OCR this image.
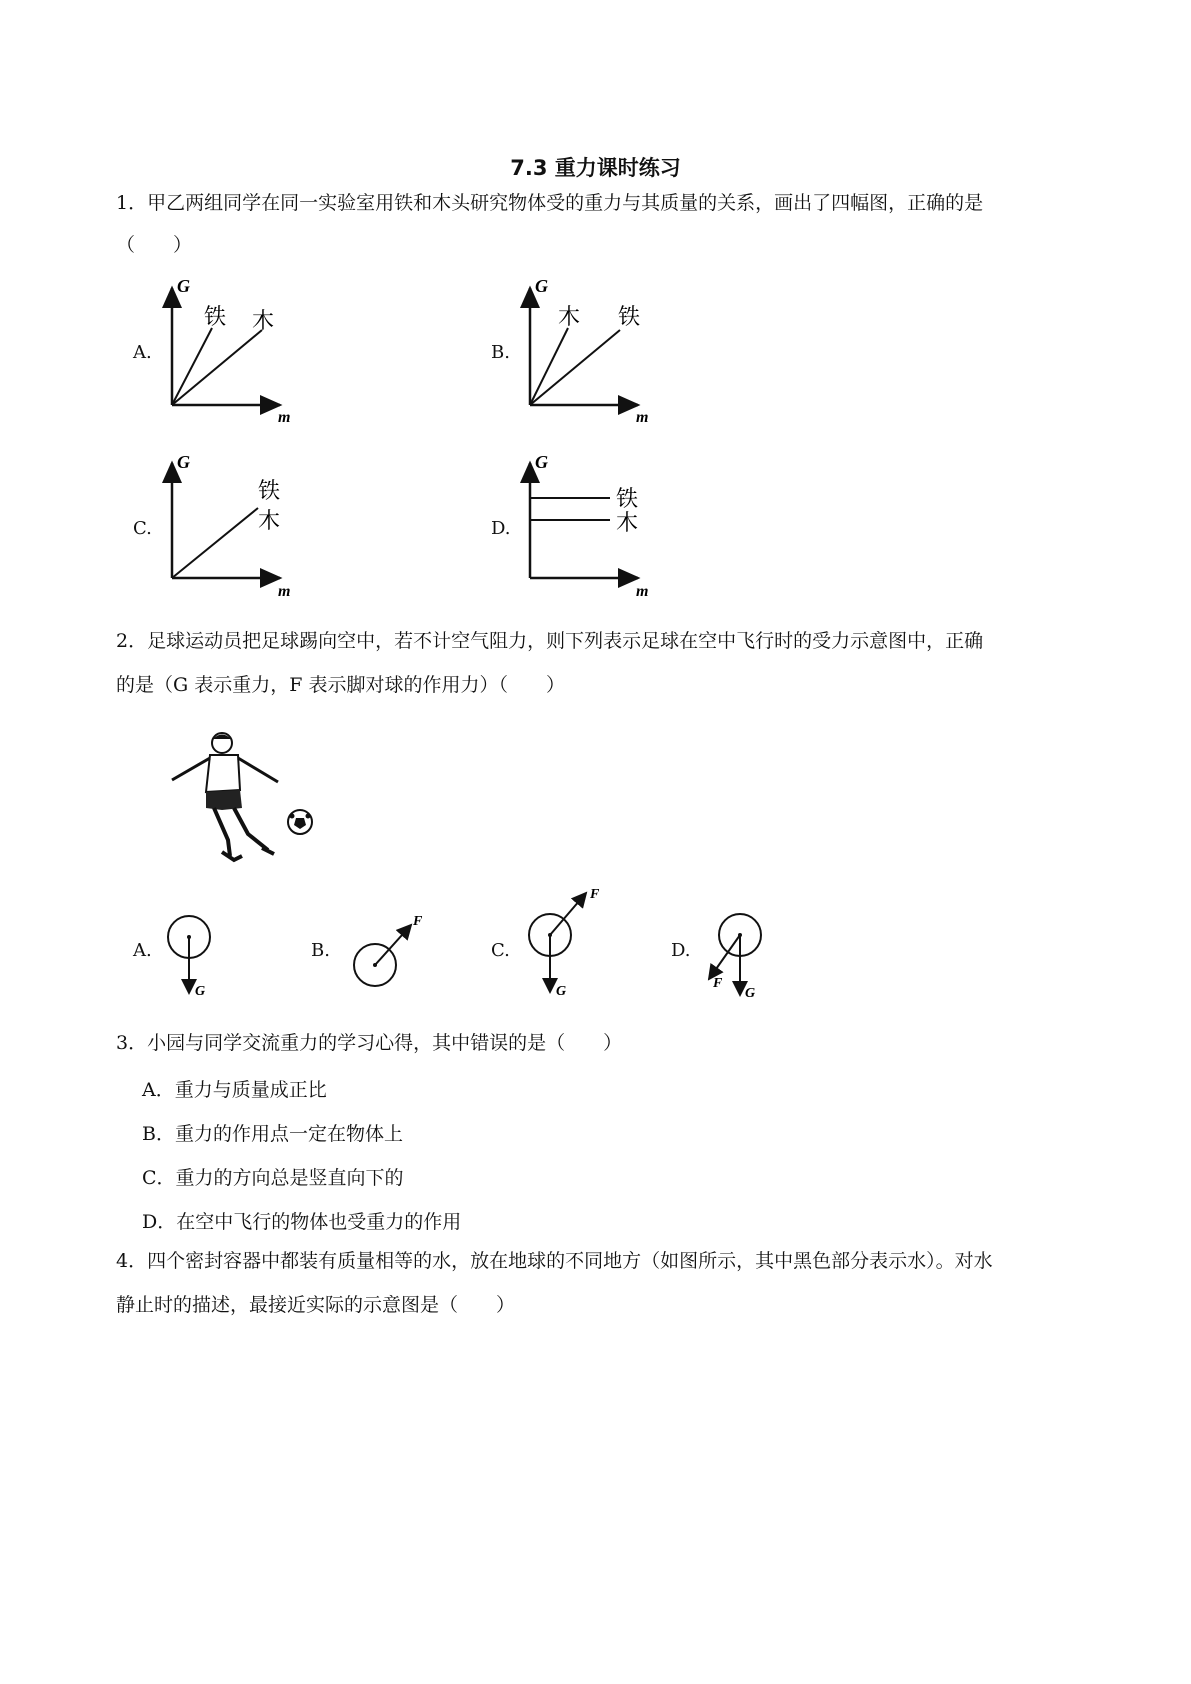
7.3 重力课时练习
1．甲乙两组同学在同一实验室用铁和木头研究物体受的重力与其质量的关系，画出了四幅图，正确的是
（　　）
A.
G
m
铁 木
B.
G
m
木 铁
C.
G
m
铁
木	D.
G
m
铁
木
2．足球运动员把足球踢向空中，若不计空气阻力，则下列表示足球在空中飞行时的受力示意图中，正确
的是（G 表示重力，F 表示脚对球的作用力）（　　）
A.
G
B.
F
C.
F
G
D.
F
G
3．小园与同学交流重力的学习心得，其中错误的是（　　）
A．重力与质量成正比
B．重力的作用点一定在物体上
C．重力的方向总是竖直向下的
D．在空中飞行的物体也受重力的作用
4．四个密封容器中都装有质量相等的水，放在地球的不同地方（如图所示，其中黑色部分表示水）。对水
静止时的描述，最接近实际的示意图是（　　）
